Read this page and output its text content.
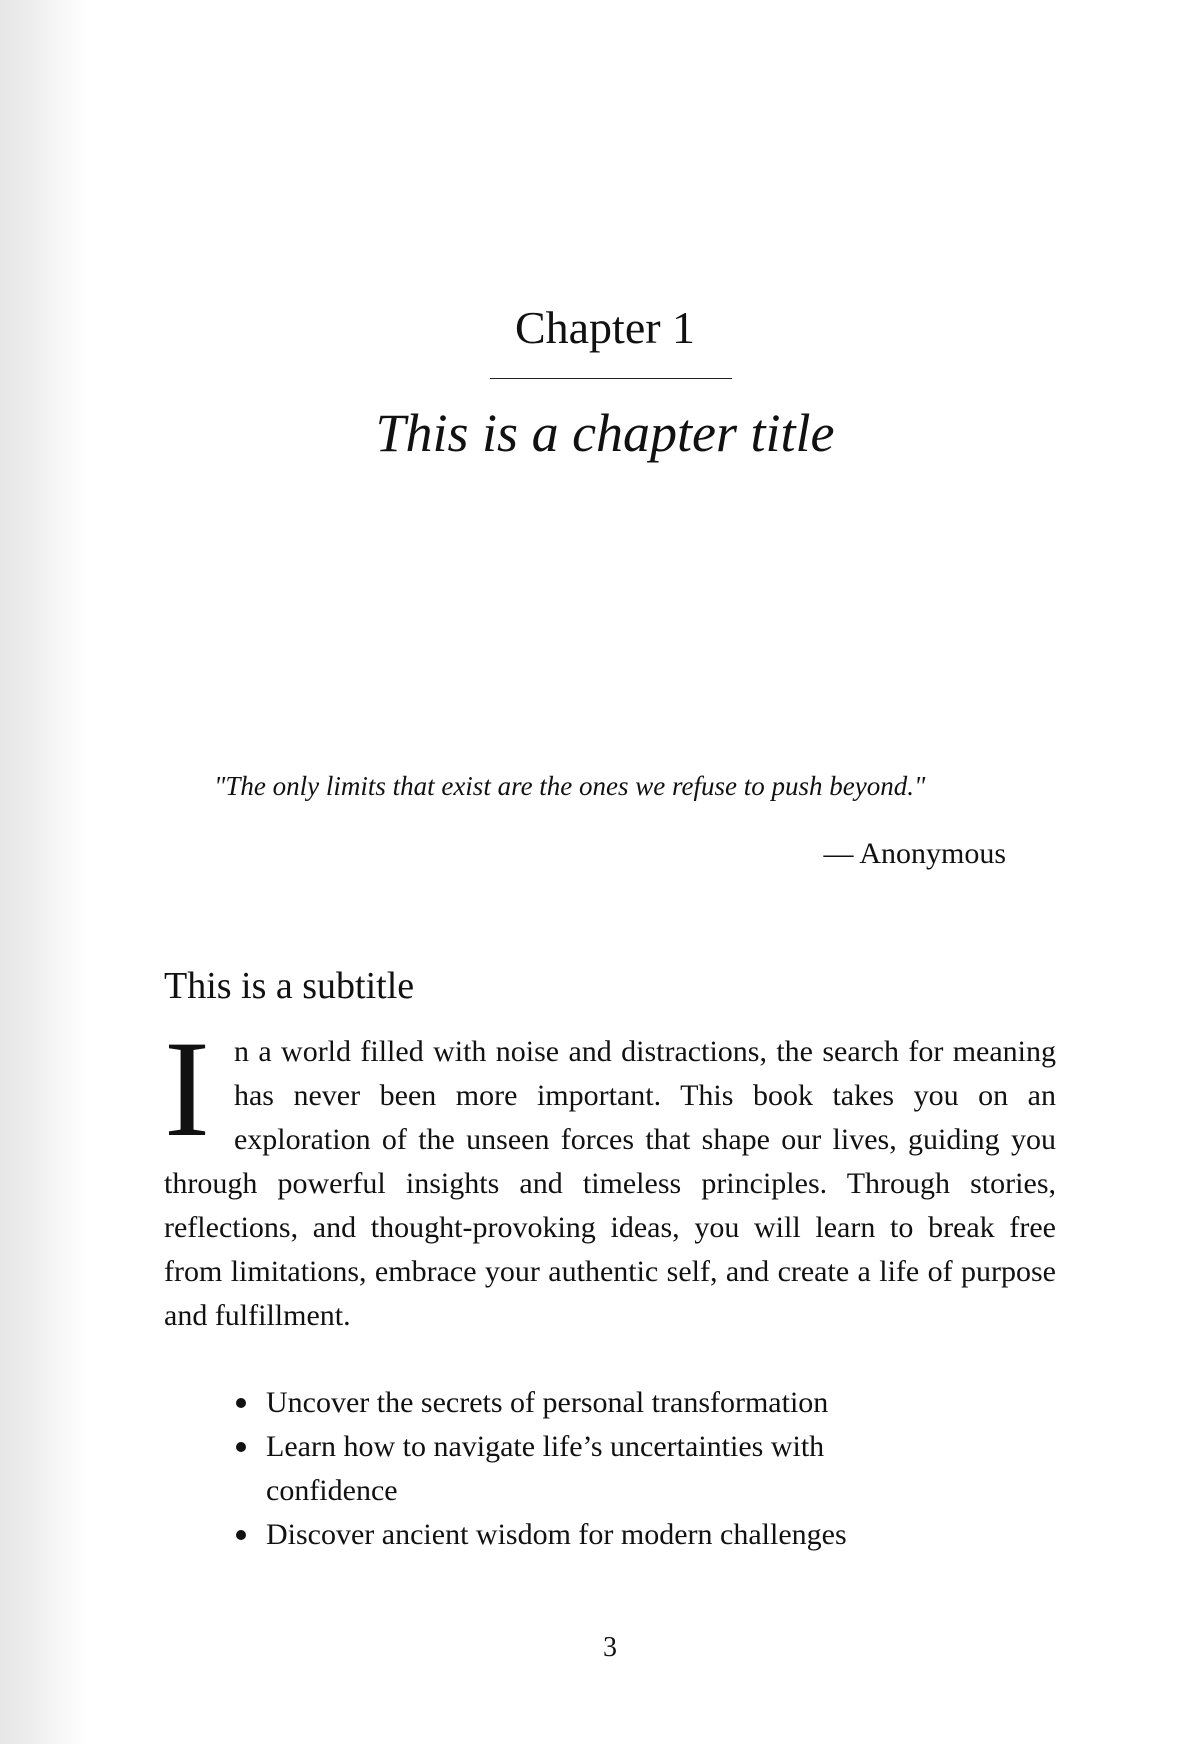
Chapter 1
This is a chapter title
"The only limits that exist are the ones we refuse to push beyond."
— Anonymous
This is a subtitle

In a world filled with noise and distractions, the search for meaning has never been more important. This book takes you on an exploration of the unseen forces that shape our lives, guiding you through powerful insights and timeless principles. Through stories, reflections, and thought-provoking ideas, you will learn to break free from limitations, embrace your authentic self, and create a life of purpose and fulfillment.

Uncover the secrets of personal transformation
Learn how to navigate life’s uncertainties with confidence
Discover ancient wisdom for modern challenges
3
